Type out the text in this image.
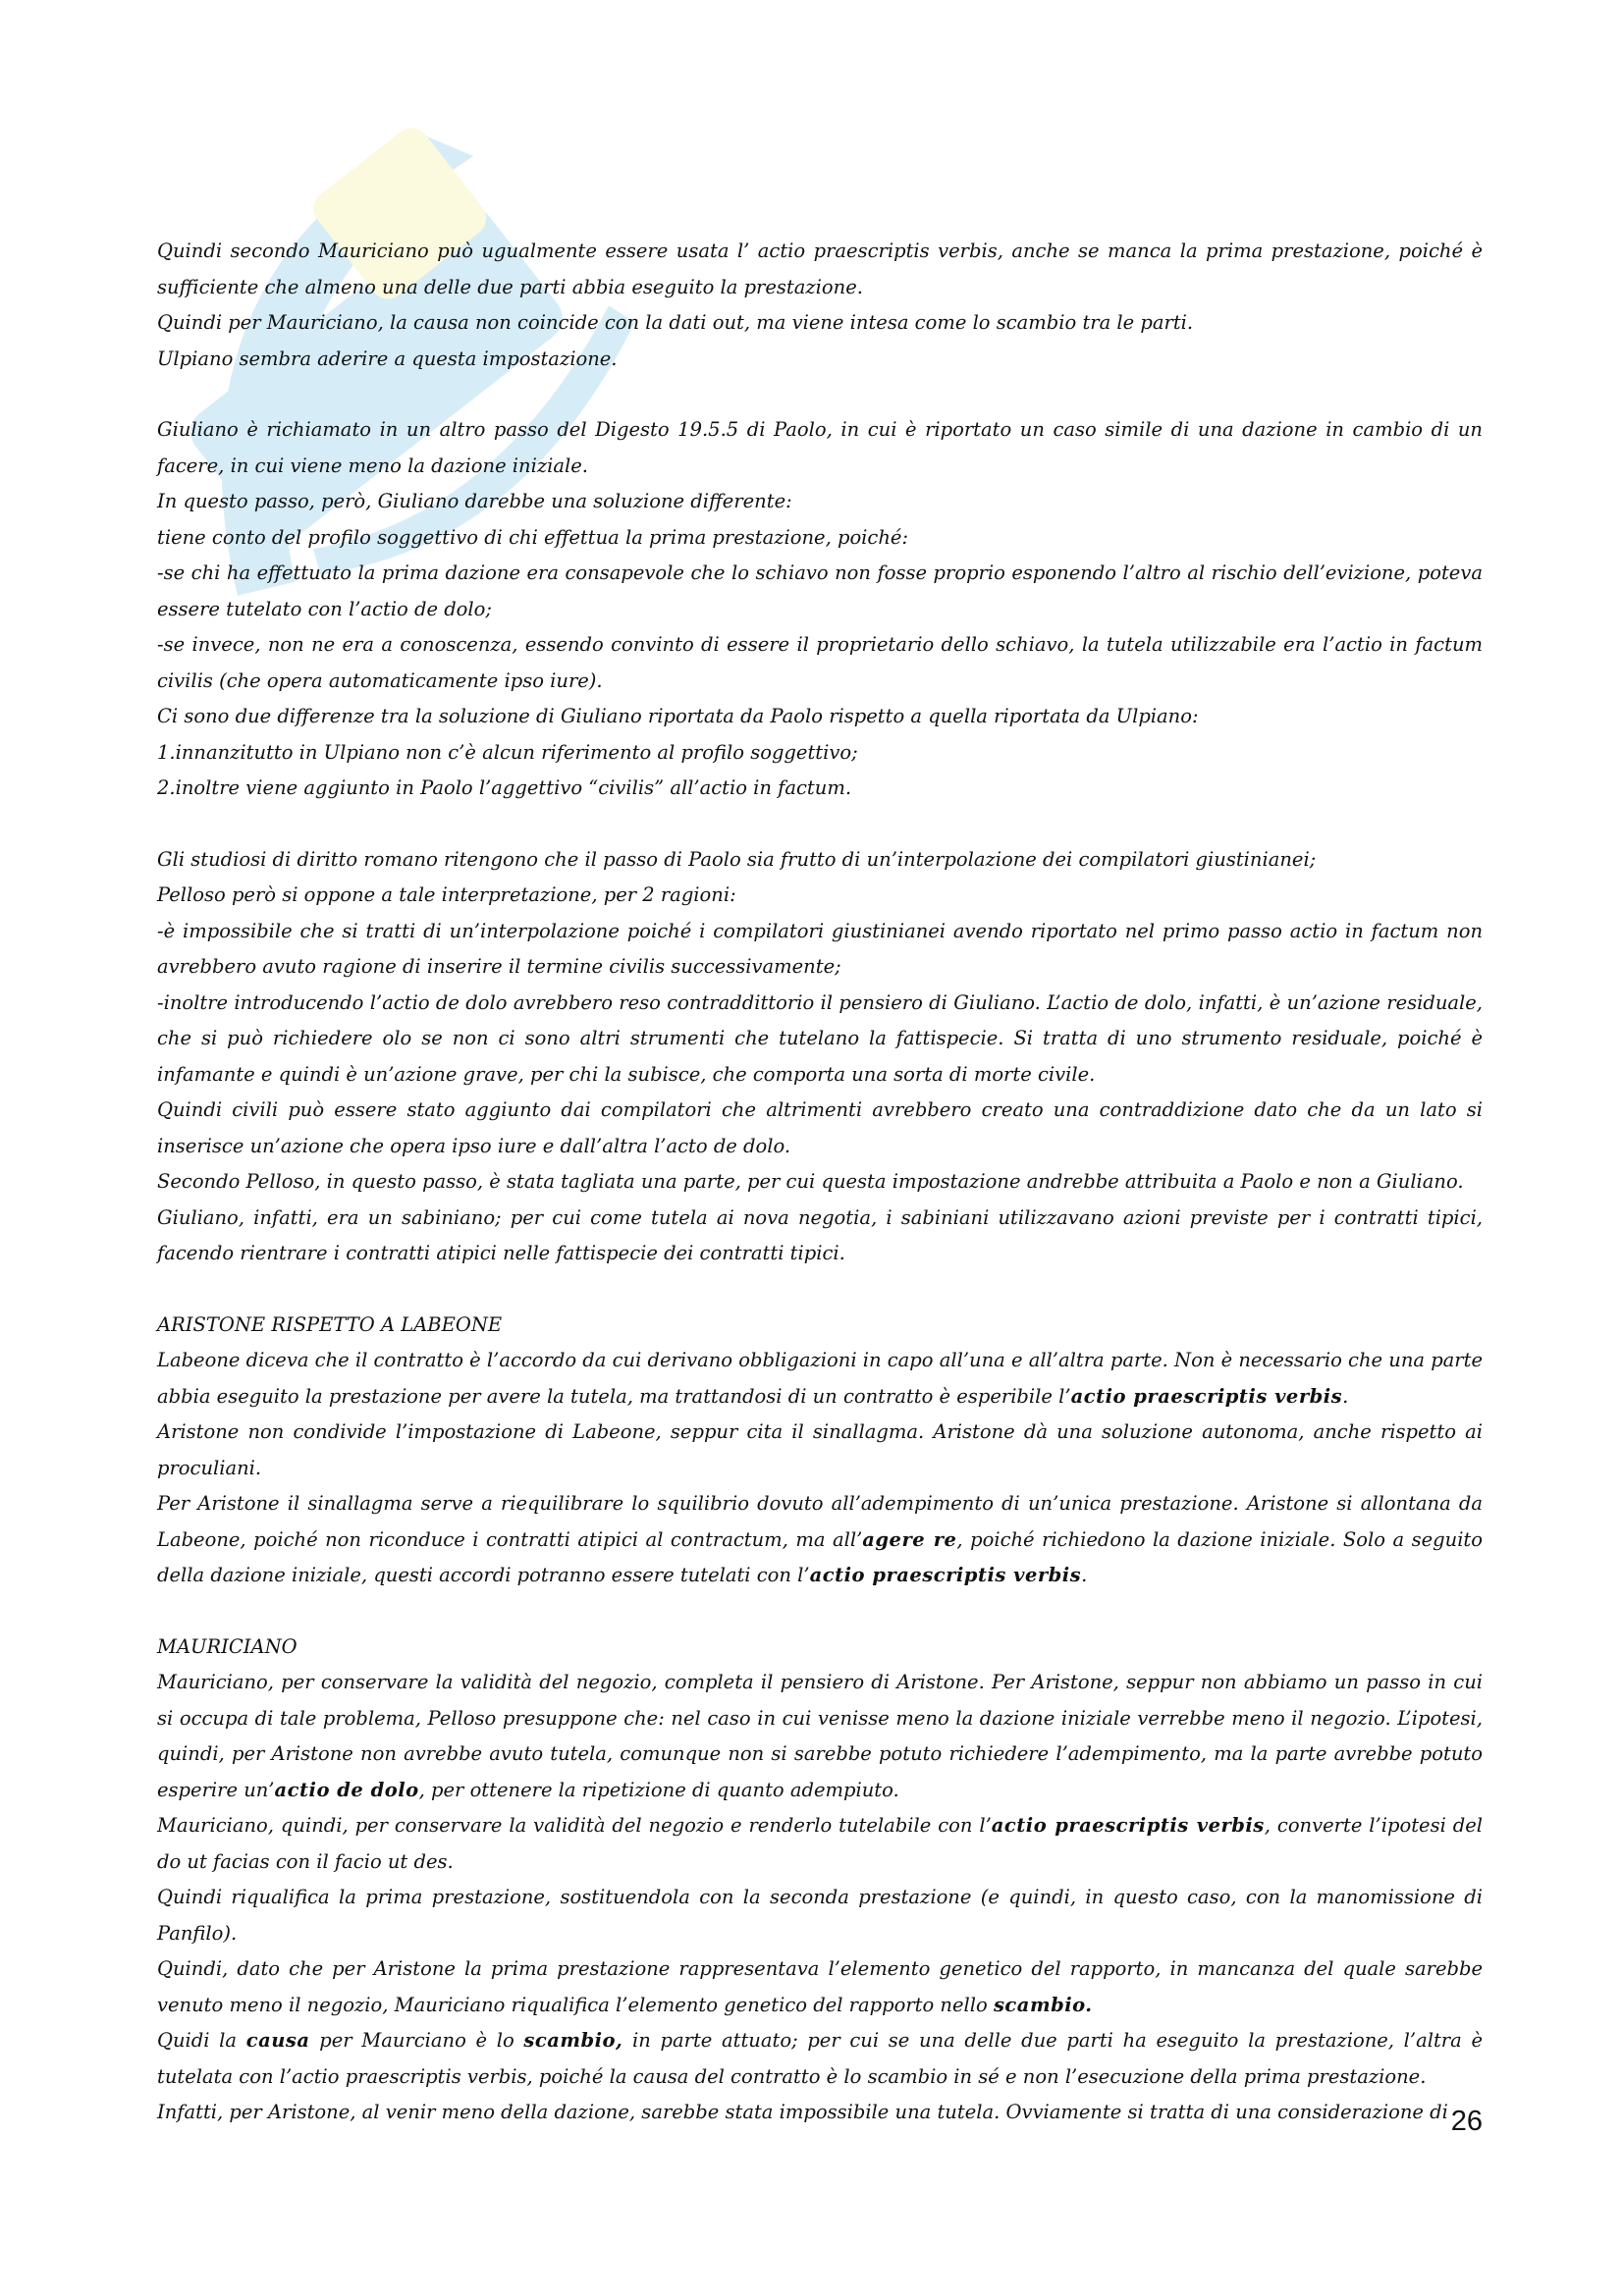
Quindi secondo Mauriciano può ugualmente essere usata l’ actio praescriptis verbis, anche se manca la prima prestazione, poiché è sufficiente che almeno una delle due parti abbia eseguito la prestazione.

Quindi per Mauriciano, la causa non coincide con la dati out, ma viene intesa come lo scambio tra le parti.

Ulpiano sembra aderire a questa impostazione.

Giuliano è richiamato in un altro passo del Digesto 19.5.5 di Paolo, in cui è riportato un caso simile di una dazione in cambio di un facere, in cui viene meno la dazione iniziale.

In questo passo, però, Giuliano darebbe una soluzione differente:

tiene conto del profilo soggettivo di chi effettua la prima prestazione, poiché:

-se chi ha effettuato la prima dazione era consapevole che lo schiavo non fosse proprio esponendo l’altro al rischio dell’evizione, poteva essere tutelato con l’actio de dolo;

-se invece, non ne era a conoscenza, essendo convinto di essere il proprietario dello schiavo, la tutela utilizzabile era l’actio in factum civilis (che opera automaticamente ipso iure).

Ci sono due differenze tra la soluzione di Giuliano riportata da Paolo rispetto a quella riportata da Ulpiano:

1.innanzitutto in Ulpiano non c’è alcun riferimento al profilo soggettivo;

2.inoltre viene aggiunto in Paolo l’aggettivo “civilis” all’actio in factum.

Gli studiosi di diritto romano ritengono che il passo di Paolo sia frutto di un’interpolazione dei compilatori giustinianei;

Pelloso però si oppone a tale interpretazione, per 2 ragioni:

-è impossibile che si tratti di un’interpolazione poiché i compilatori giustinianei avendo riportato nel primo passo actio in factum non avrebbero avuto ragione di inserire il termine civilis successivamente;

-inoltre introducendo l’actio de dolo avrebbero reso contraddittorio il pensiero di Giuliano. L’actio de dolo, infatti, è un’azione residuale, che si può richiedere olo se non ci sono altri strumenti che tutelano la fattispecie. Si tratta di uno strumento residuale, poiché è infamante e quindi è un’azione grave, per chi la subisce, che comporta una sorta di morte civile.

Quindi civili può essere stato aggiunto dai compilatori che altrimenti avrebbero creato una contraddizione dato che da un lato si inserisce un’azione che opera ipso iure e dall’altra l’acto de dolo.

Secondo Pelloso, in questo passo, è stata tagliata una parte, per cui questa impostazione andrebbe attribuita a Paolo e non a Giuliano.

Giuliano, infatti, era un sabiniano; per cui come tutela ai nova negotia, i sabiniani utilizzavano azioni previste per i contratti tipici, facendo rientrare i contratti atipici nelle fattispecie dei contratti tipici.

ARISTONE RISPETTO A LABEONE

Labeone diceva che il contratto è l’accordo da cui derivano obbligazioni in capo all’una e all’altra parte. Non è necessario che una parte abbia eseguito la prestazione per avere la tutela, ma trattandosi di un contratto è esperibile l’actio praescriptis verbis.

Aristone non condivide l’impostazione di Labeone, seppur cita il sinallagma. Aristone dà una soluzione autonoma, anche rispetto ai proculiani.

Per Aristone il sinallagma serve a riequilibrare lo squilibrio dovuto all’adempimento di un’unica prestazione. Aristone si allontana da Labeone, poiché non riconduce i contratti atipici al contractum, ma all’agere re, poiché richiedono la dazione iniziale. Solo a seguito della dazione iniziale, questi accordi potranno essere tutelati con l’actio praescriptis verbis.

MAURICIANO

Mauriciano, per conservare la validità del negozio, completa il pensiero di Aristone. Per Aristone, seppur non abbiamo un passo in cui si occupa di tale problema, Pelloso presuppone che: nel caso in cui venisse meno la dazione iniziale verrebbe meno il negozio. L’ipotesi, quindi, per Aristone non avrebbe avuto tutela, comunque non si sarebbe potuto richiedere l’adempimento, ma la parte avrebbe potuto esperire un’actio de dolo, per ottenere la ripetizione di quanto adempiuto.

Mauriciano, quindi, per conservare la validità del negozio e renderlo tutelabile con l’actio praescriptis verbis, converte l’ipotesi del do ut facias con il facio ut des.

Quindi riqualifica la prima prestazione, sostituendola con la seconda prestazione (e quindi, in questo caso, con la manomissione di Panfilo).

Quindi, dato che per Aristone la prima prestazione rappresentava l’elemento genetico del rapporto, in mancanza del quale sarebbe venuto meno il negozio, Mauriciano riqualifica l’elemento genetico del rapporto nello scambio.

Quidi la causa per Maurciano è lo scambio, in parte attuato; per cui se una delle due parti ha eseguito la prestazione, l’altra è tutelata con l’actio praescriptis verbis, poiché la causa del contratto è lo scambio in sé e non l’esecuzione della prima prestazione.

Infatti, per Aristone, al venir meno della dazione, sarebbe stata impossibile una tutela. Ovviamente si tratta di una considerazione di 26
